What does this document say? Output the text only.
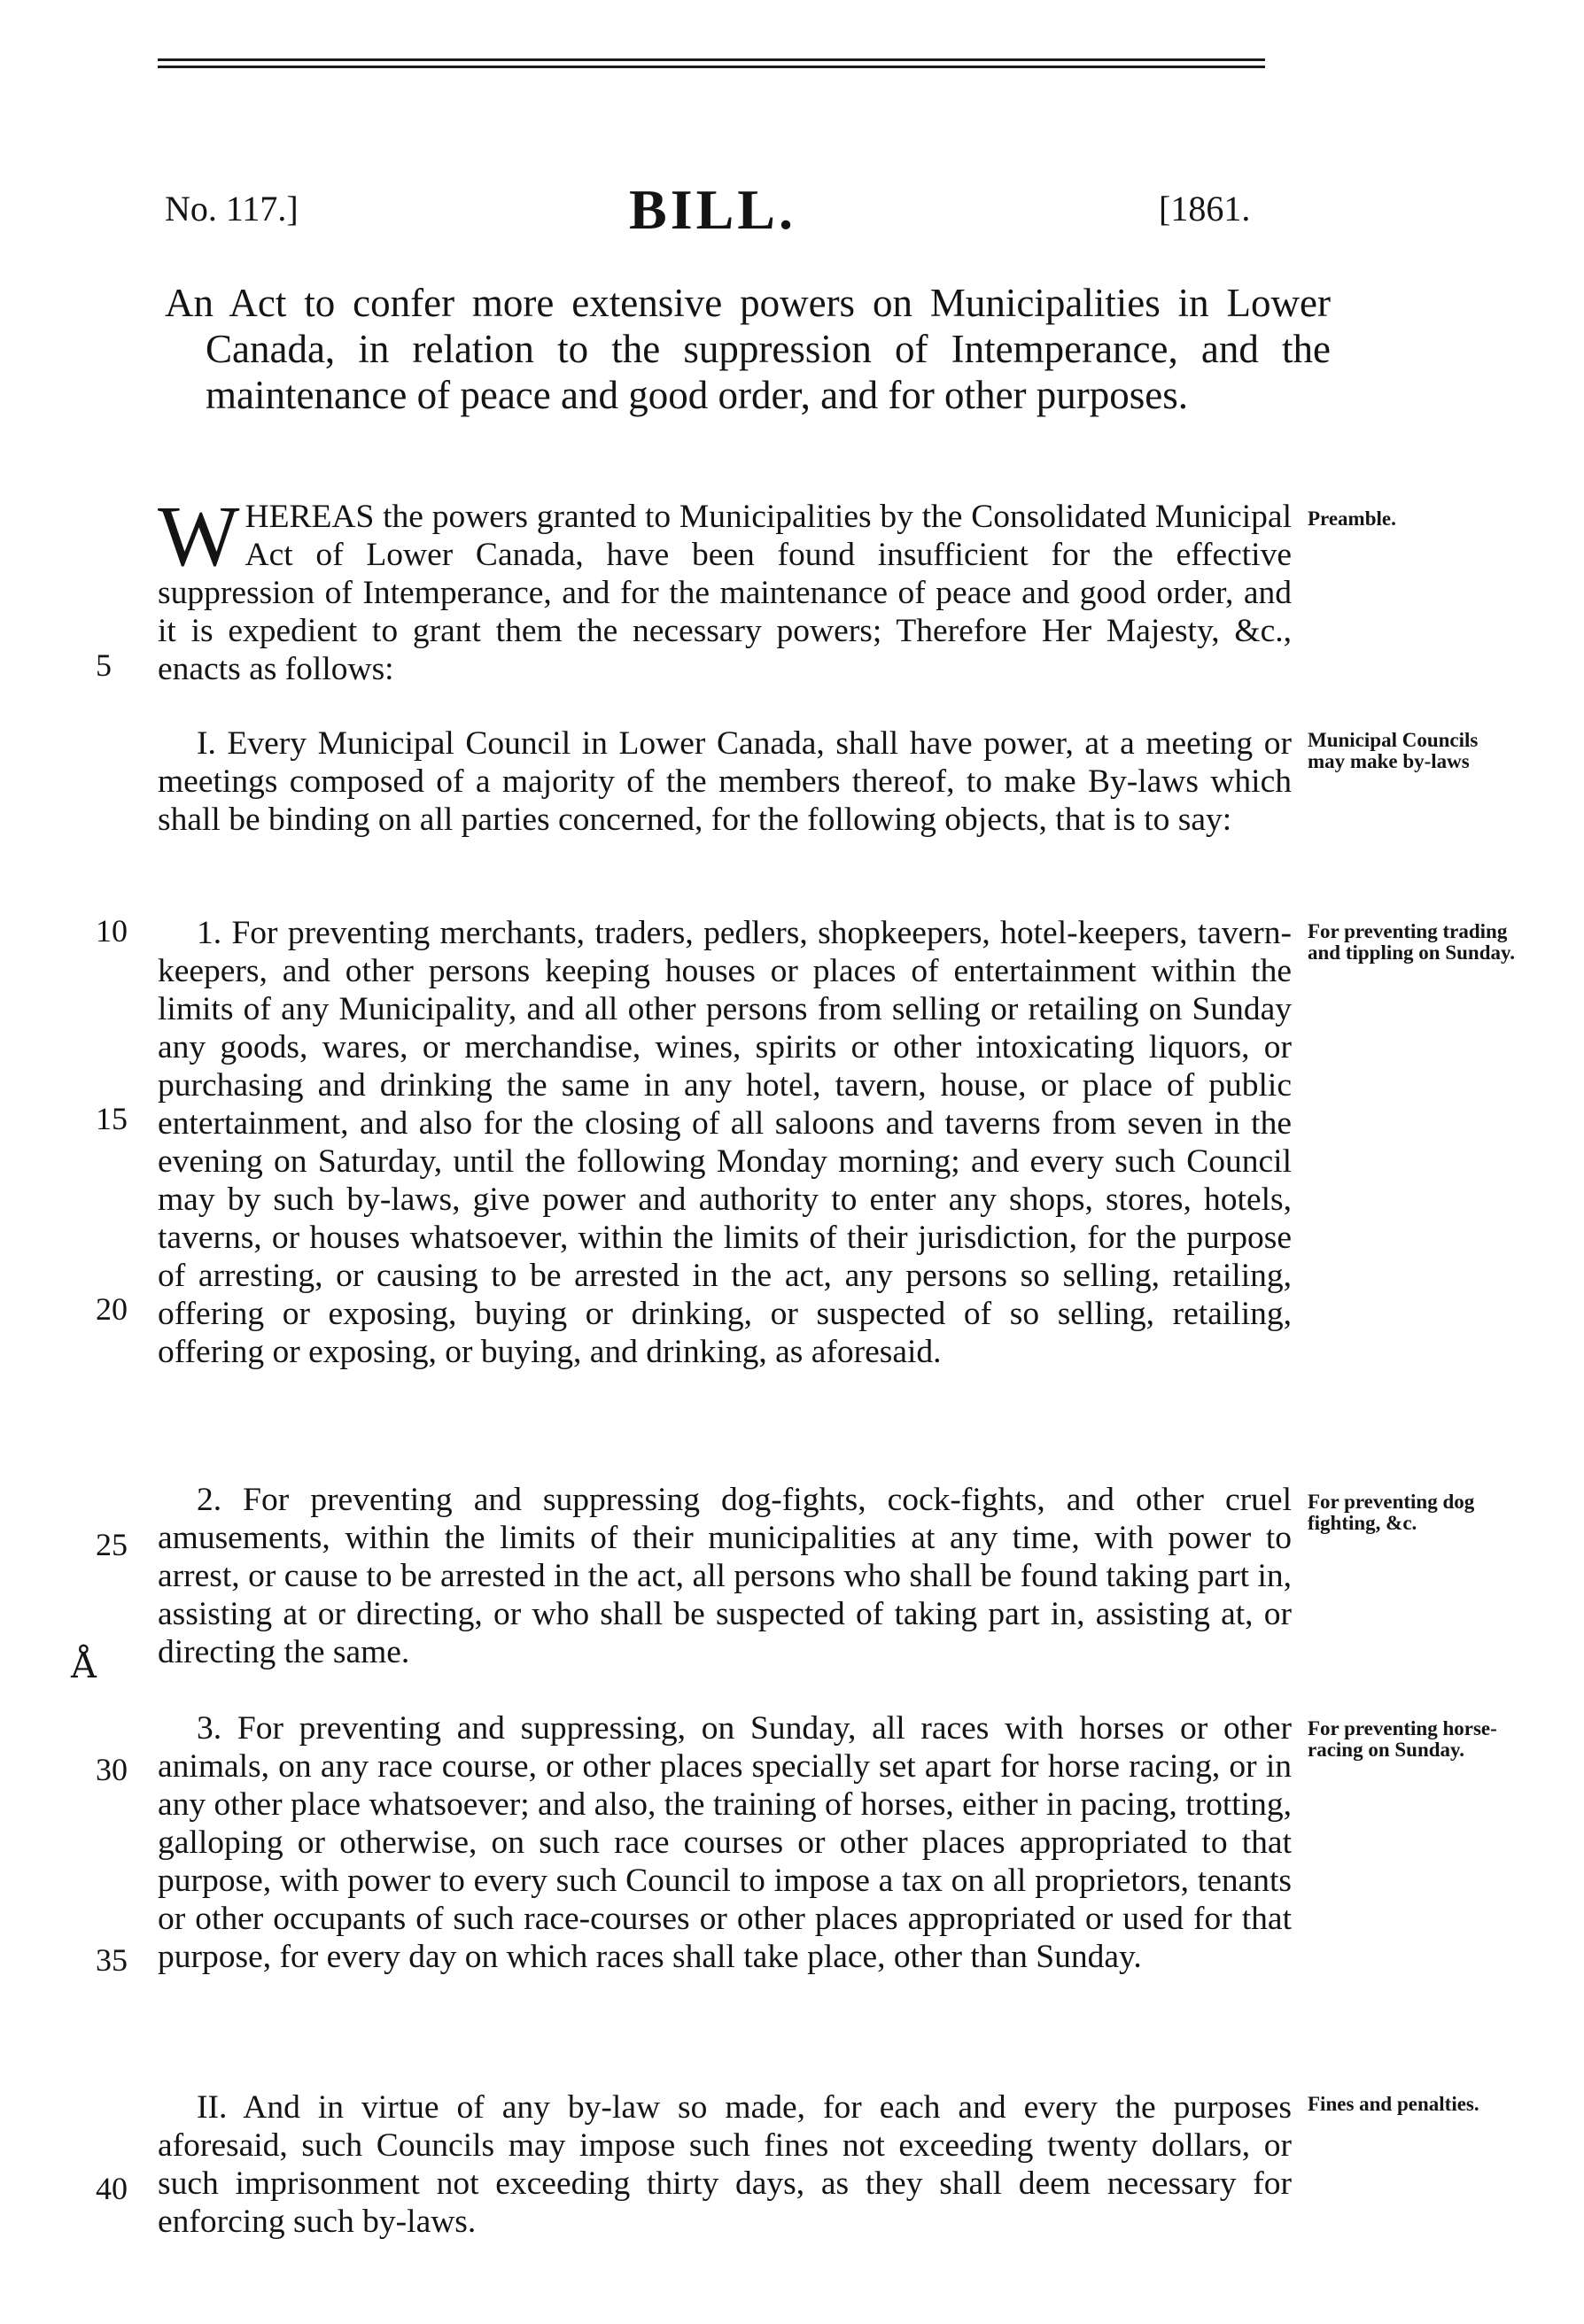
No. 117.]	BILL.	[1861.
An Act to confer more extensive powers on Municipalities in Lower Canada, in relation to the suppression of Intemperance, and the maintenance of peace and good order, and for other purposes.
WHEREAS the powers granted to Municipalities by the Consolidated Municipal Act of Lower Canada, have been found insufficient for the effective suppression of Intemperance, and for the maintenance of peace and good order, and it is expedient to grant them the necessary powers; Therefore Her Majesty, &c., enacts as follows:
I. Every Municipal Council in Lower Canada, shall have power, at a meeting or meetings composed of a majority of the members thereof, to make By-laws which shall be binding on all parties concerned, for the following objects, that is to say:
1. For preventing merchants, traders, pedlers, shopkeepers, hotel-keepers, tavern-keepers, and other persons keeping houses or places of entertainment within the limits of any Municipality, and all other persons from selling or retailing on Sunday any goods, wares, or merchandise, wines, spirits or other intoxicating liquors, or purchasing and drinking the same in any hotel, tavern, house, or place of public entertainment, and also for the closing of all saloons and taverns from seven in the evening on Saturday, until the following Monday morning; and every such Council may by such by-laws, give power and authority to enter any shops, stores, hotels, taverns, or houses whatsoever, within the limits of their jurisdiction, for the purpose of arresting, or causing to be arrested in the act, any persons so selling, retailing, offering or exposing, buying or drinking, or suspected of so selling, retailing, offering or exposing, or buying, and drinking, as aforesaid.
2. For preventing and suppressing dog-fights, cock-fights, and other cruel amusements, within the limits of their municipalities at any time, with power to arrest, or cause to be arrested in the act, all persons who shall be found taking part in, assisting at or directing, or who shall be suspected of taking part in, assisting at, or directing the same.
3. For preventing and suppressing, on Sunday, all races with horses or other animals, on any race course, or other places specially set apart for horse racing, or in any other place whatsoever; and also, the training of horses, either in pacing, trotting, galloping or otherwise, on such race courses or other places appropriated to that purpose, with power to every such Council to impose a tax on all proprietors, tenants or other occupants of such race-courses or other places appropriated or used for that purpose, for every day on which races shall take place, other than Sunday.
II. And in virtue of any by-law so made, for each and every the purposes aforesaid, such Councils may impose such fines not exceeding twenty dollars, or such imprisonment not exceeding thirty days, as they shall deem necessary for enforcing such by-laws.
Preamble.
Municipal Councils may make by-laws
For preventing trading and tippling on Sunday.
For preventing dog fighting, &c.
For preventing horse-racing on Sunday.
Fines and penalties.
5
10
15
20
25
30
35
40
Å
